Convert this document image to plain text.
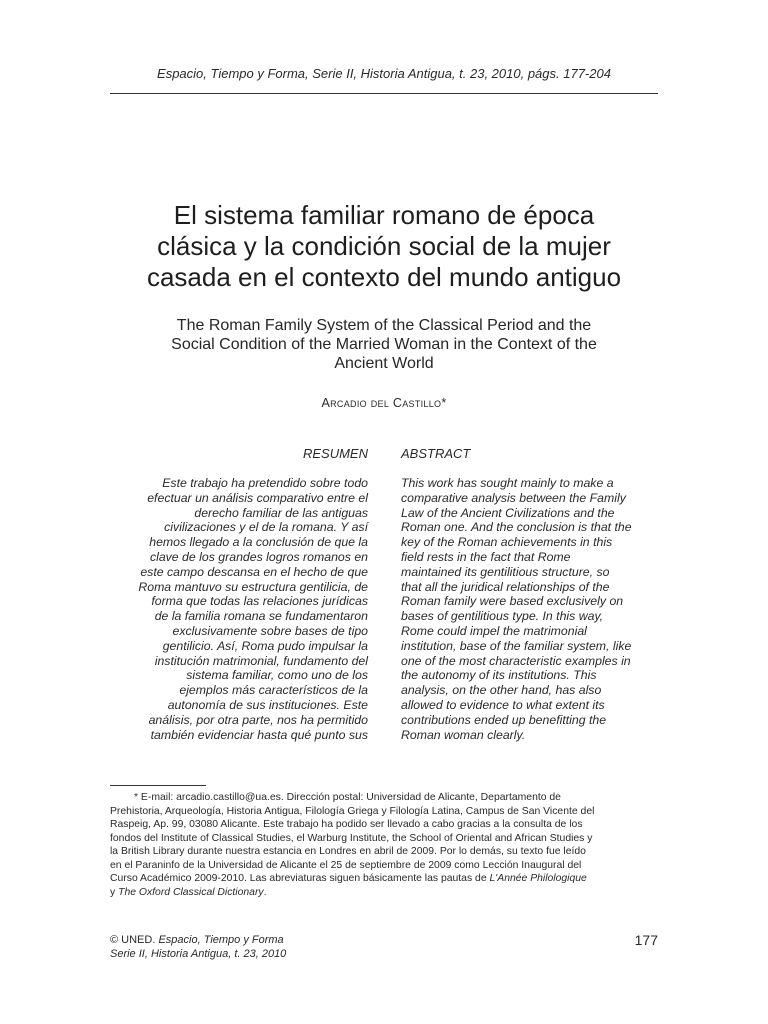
Espacio, Tiempo y Forma, Serie II, Historia Antigua, t. 23, 2010, págs. 177-204
El sistema familiar romano de época
clásica y la condición social de la mujer
casada en el contexto del mundo antiguo
The Roman Family System of the Classical Period and the
Social Condition of the Married Woman in the Context of the
Ancient World
Arcadio del Castillo*
RESUMEN	ABSTRACT
Este trabajo ha pretendido sobre todo
efectuar un análisis comparativo entre el
derecho familiar de las antiguas
civilizaciones y el de la romana. Y así
hemos llegado a la conclusión de que la
clave de los grandes logros romanos en
este campo descansa en el hecho de que
Roma mantuvo su estructura gentilicia, de
forma que todas las relaciones jurídicas
de la familia romana se fundamentaron
exclusivamente sobre bases de tipo
gentilicio. Así, Roma pudo impulsar la
institución matrimonial, fundamento del
sistema familiar, como uno de los
ejemplos más característicos de la
autonomía de sus instituciones. Este
análisis, por otra parte, nos ha permitido
también evidenciar hasta qué punto sus
This work has sought mainly to make a
comparative analysis between the Family
Law of the Ancient Civilizations and the
Roman one. And the conclusion is that the
key of the Roman achievements in this
field rests in the fact that Rome
maintained its gentilitious structure, so
that all the juridical relationships of the
Roman family were based exclusively on
bases of gentilitious type. In this way,
Rome could impel the matrimonial
institution, base of the familiar system, like
one of the most characteristic examples in
the autonomy of its institutions. This
analysis, on the other hand, has also
allowed to evidence to what extent its
contributions ended up benefitting the
Roman woman clearly.
* E-mail: arcadio.castillo@ua.es. Dirección postal: Universidad de Alicante, Departamento de
Prehistoria, Arqueología, Historia Antigua, Filología Griega y Filología Latina, Campus de San Vicente del
Raspeig, Ap. 99, 03080 Alicante. Este trabajo ha podido ser llevado a cabo gracias a la consulta de los
fondos del Institute of Classical Studies, el Warburg Institute, the School of Oriental and African Studies y
la British Library durante nuestra estancia en Londres en abril de 2009. Por lo demás, su texto fue leído
en el Paraninfo de la Universidad de Alicante el 25 de septiembre de 2009 como Lección Inaugural del
Curso Académico 2009-2010. Las abreviaturas siguen básicamente las pautas de L'Année Philologique
y The Oxford Classical Dictionary.
© UNED. Espacio, Tiempo y Forma
Serie II, Historia Antigua, t. 23, 2010
177
